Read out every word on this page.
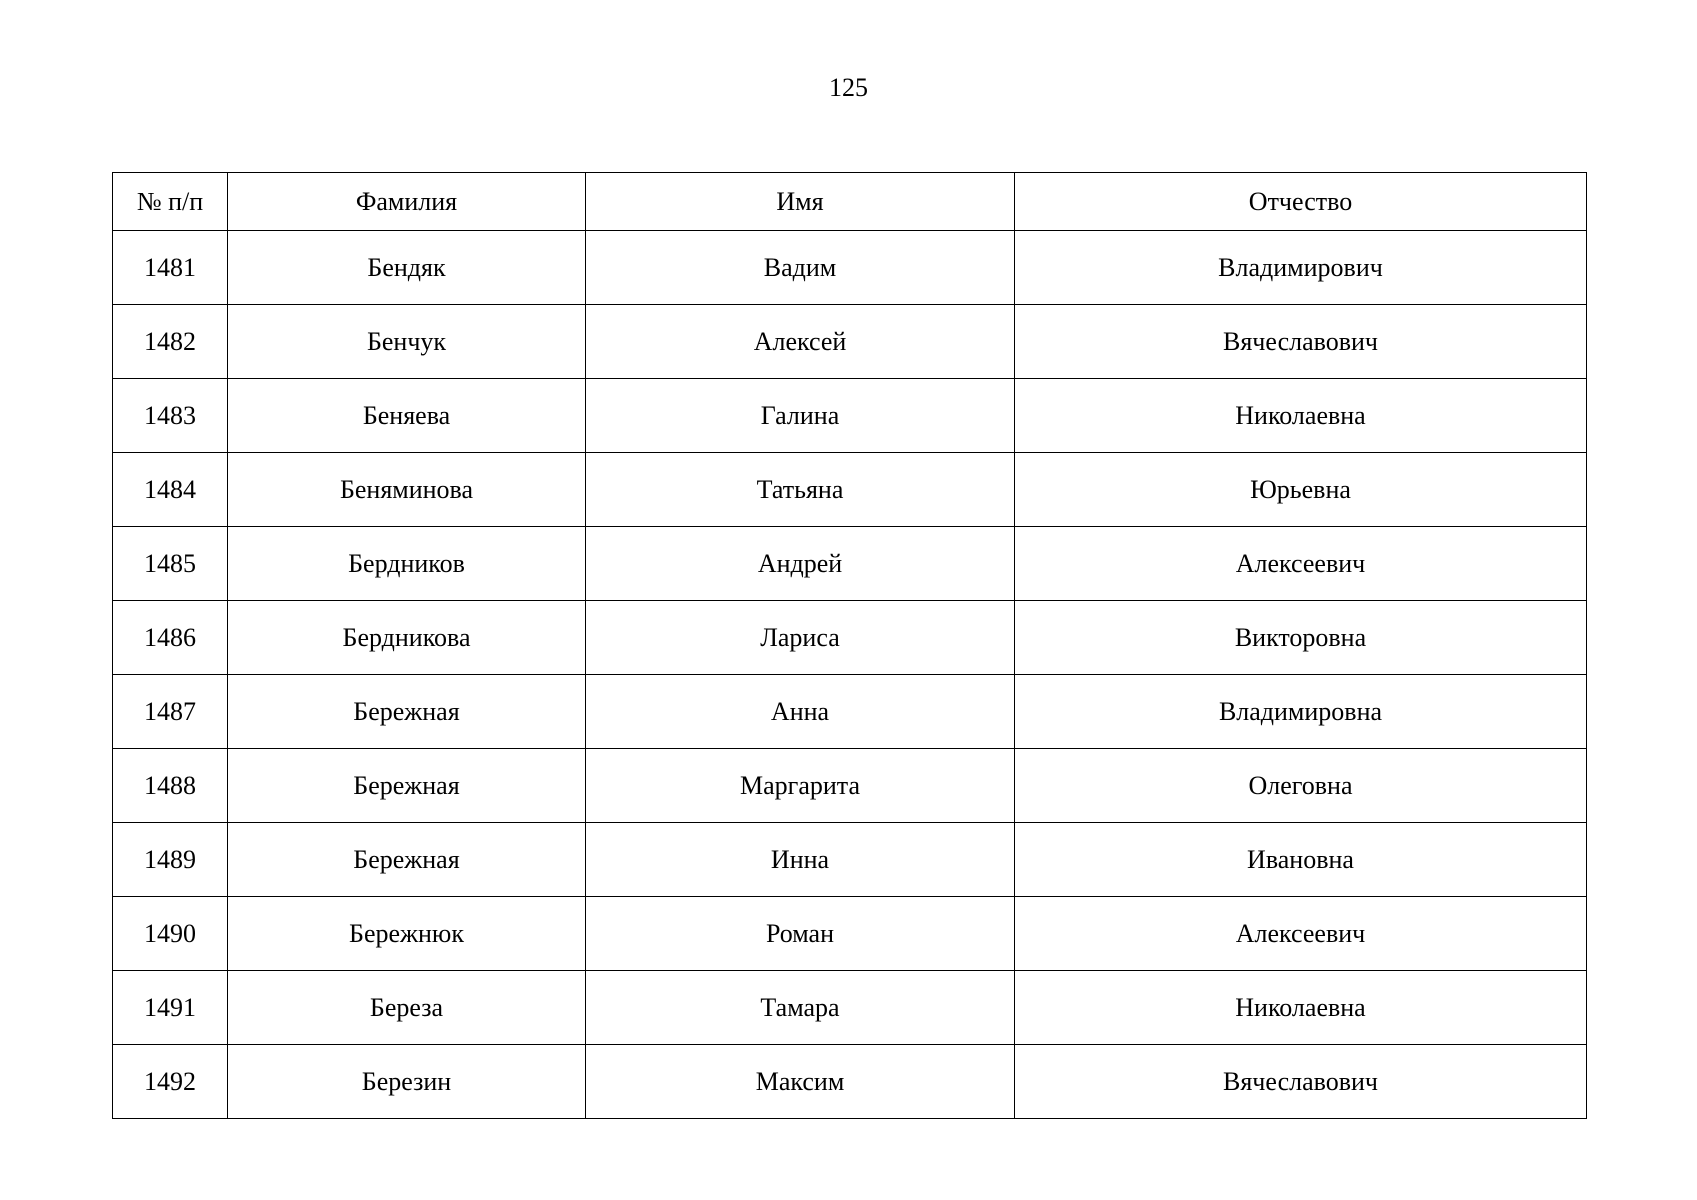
125
№ п/п	Фамилия	Имя	Отчество
1481	Бендяк	Вадим	Владимирович
1482	Бенчук	Алексей	Вячеславович
1483	Беняева	Галина	Николаевна
1484	Беняминова	Татьяна	Юрьевна
1485	Бердников	Андрей	Алексеевич
1486	Бердникова	Лариса	Викторовна
1487	Бережная	Анна	Владимировна
1488	Бережная	Маргарита	Олеговна
1489	Бережная	Инна	Ивановна
1490	Бережнюк	Роман	Алексеевич
1491	Береза	Тамара	Николаевна
1492	Березин	Максим	Вячеславович
